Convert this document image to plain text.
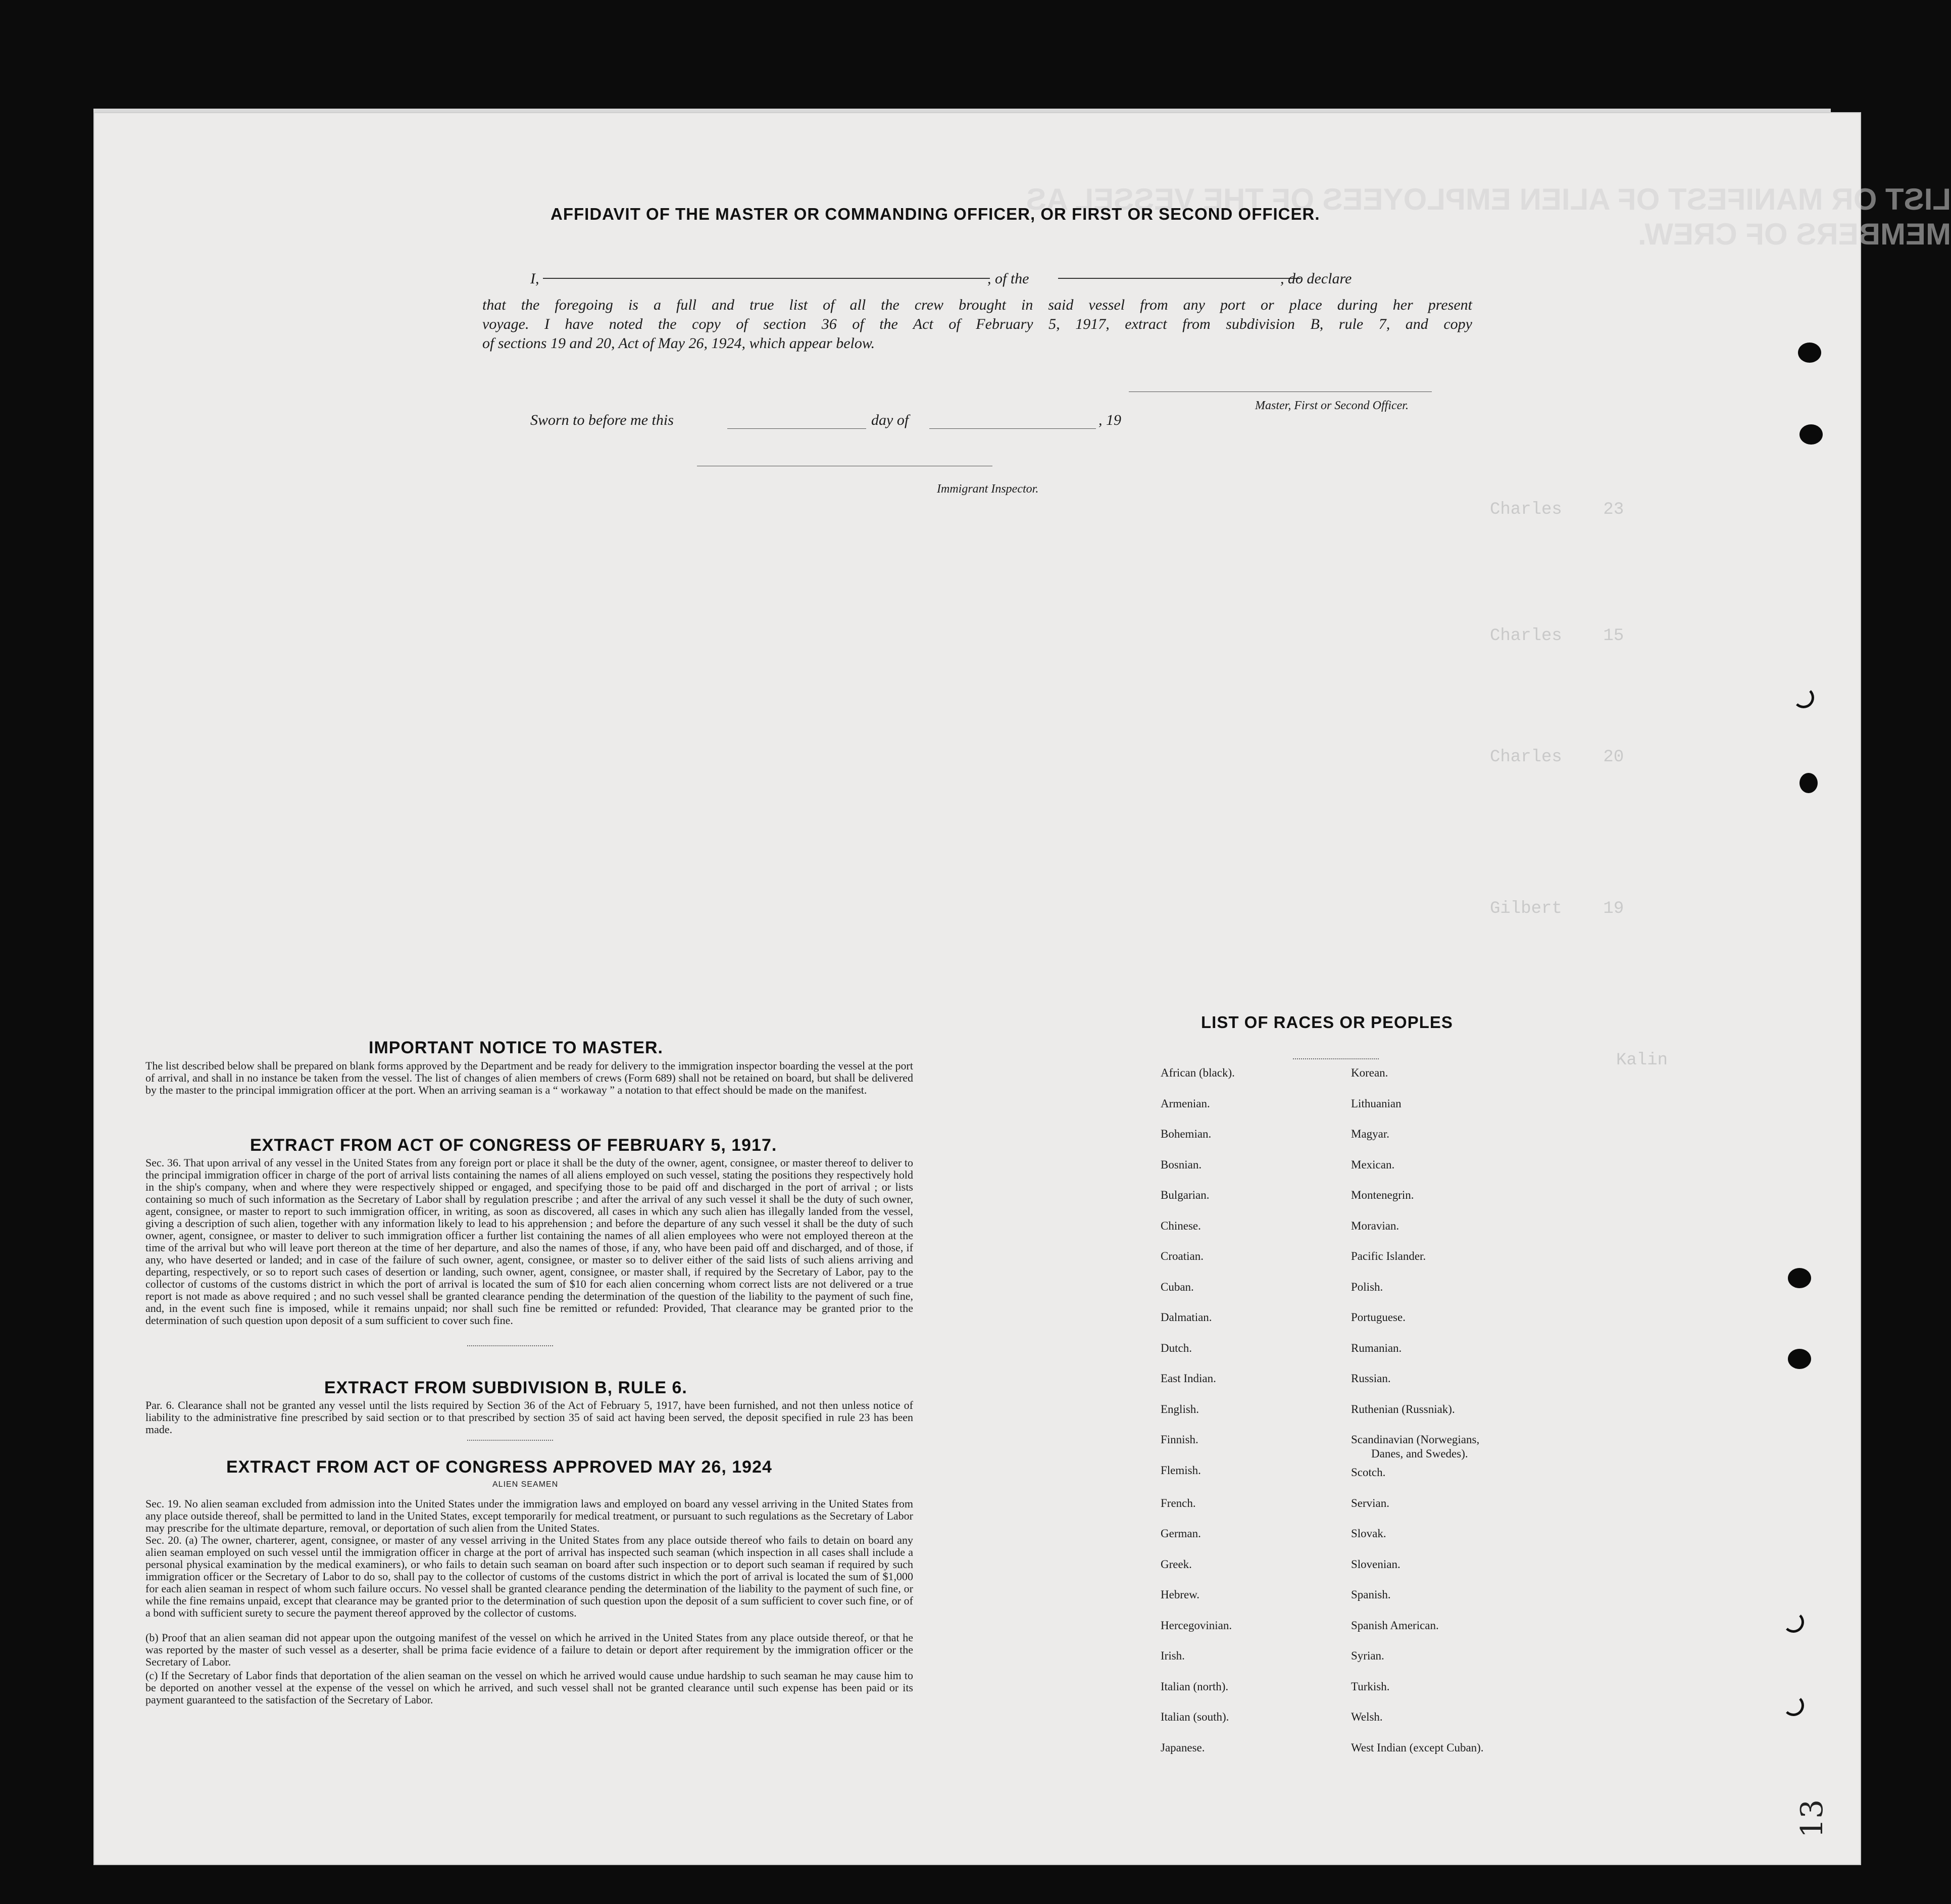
LIST OR MANIFEST OF ALIEN EMPLOYEES OF THE VESSEL AS MEMBERS OF CREW.
Charles    23
Charles    15
Charles    20
Gilbert    19
Kalin
AFFIDAVIT OF THE MASTER OR COMMANDING OFFICER, OR FIRST OR SECOND OFFICER.
I,	, of the	, do declare
that the foregoing is a full and true list of all the crew brought in said vessel from any port or place during her present
voyage. I have noted the copy of section 36 of the Act of February 5, 1917, extract from subdivision B, rule 7, and copy
of sections 19 and 20, Act of May 26, 1924, which appear below.
Master, First or Second Officer.
Sworn to before me this	day of	, 19
Immigrant Inspector.
IMPORTANT NOTICE TO MASTER.
The list described below shall be prepared on blank forms approved by the Department and be ready for delivery to the immigration inspector boarding the vessel at the port of arrival, and shall in no instance be taken from the vessel. The list of changes of alien members of crews (Form 689) shall not be retained on board, but shall be delivered by the master to the principal immigration officer at the port. When an arriving seaman is a “ workaway ” a notation to that effect should be made on the manifest.
EXTRACT FROM ACT OF CONGRESS OF FEBRUARY 5, 1917.
Sec. 36. That upon arrival of any vessel in the United States from any foreign port or place it shall be the duty of the owner, agent, consignee, or master thereof to deliver to the principal immigration officer in charge of the port of arrival lists containing the names of all aliens employed on such vessel, stating the positions they respectively hold in the ship's company, when and where they were respectively shipped or engaged, and specifying those to be paid off and discharged in the port of arrival ; or lists containing so much of such information as the Secretary of Labor shall by regulation prescribe ; and after the arrival of any such vessel it shall be the duty of such owner, agent, consignee, or master to report to such immigration officer, in writing, as soon as discovered, all cases in which any such alien has illegally landed from the vessel, giving a description of such alien, together with any information likely to lead to his apprehension ; and before the departure of any such vessel it shall be the duty of such owner, agent, consignee, or master to deliver to such immigration officer a further list containing the names of all alien employees who were not employed thereon at the time of the arrival but who will leave port thereon at the time of her departure, and also the names of those, if any, who have been paid off and discharged, and of those, if any, who have deserted or landed; and in case of the failure of such owner, agent, consignee, or master so to deliver either of the said lists of such aliens arriving and departing, respectively, or so to report such cases of desertion or landing, such owner, agent, consignee, or master shall, if required by the Secretary of Labor, pay to the collector of customs of the customs district in which the port of arrival is located the sum of $10 for each alien concerning whom correct lists are not delivered or a true report is not made as above required ; and no such vessel shall be granted clearance pending the determination of the question of the liability to the payment of such fine, and, in the event such fine is imposed, while it remains unpaid; nor shall such fine be remitted or refunded: Provided, That clearance may be granted prior to the determination of such question upon deposit of a sum sufficient to cover such fine.
EXTRACT FROM SUBDIVISION B, RULE 6.
Par. 6. Clearance shall not be granted any vessel until the lists required by Section 36 of the Act of February 5, 1917, have been furnished, and not then unless notice of liability to the administrative fine prescribed by said section or to that prescribed by section 35 of said act having been served, the deposit specified in rule 23 has been made.
EXTRACT FROM ACT OF CONGRESS APPROVED MAY 26, 1924
ALIEN SEAMEN
Sec. 19. No alien seaman excluded from admission into the United States under the immigration laws and employed on board any vessel arriving in the United States from any place outside thereof, shall be permitted to land in the United States, except temporarily for medical treatment, or pursuant to such regulations as the Secretary of Labor may prescribe for the ultimate departure, removal, or deportation of such alien from the United States.
Sec. 20. (a) The owner, charterer, agent, consignee, or master of any vessel arriving in the United States from any place outside thereof who fails to detain on board any alien seaman employed on such vessel until the immigration officer in charge at the port of arrival has inspected such seaman (which inspection in all cases shall include a personal physical examination by the medical examiners), or who fails to detain such seaman on board after such inspection or to deport such seaman if required by such immigration officer or the Secretary of Labor to do so, shall pay to the collector of customs of the customs district in which the port of arrival is located the sum of $1,000 for each alien seaman in respect of whom such failure occurs. No vessel shall be granted clearance pending the determination of the liability to the payment of such fine, or while the fine remains unpaid, except that clearance may be granted prior to the determination of such question upon the deposit of a sum sufficient to cover such fine, or of a bond with sufficient surety to secure the payment thereof approved by the collector of customs.
(b) Proof that an alien seaman did not appear upon the outgoing manifest of the vessel on which he arrived in the United States from any place outside thereof, or that he was reported by the master of such vessel as a deserter, shall be prima facie evidence of a failure to detain or deport after requirement by the immigration officer or the Secretary of Labor.
(c) If the Secretary of Labor finds that deportation of the alien seaman on the vessel on which he arrived would cause undue hardship to such seaman he may cause him to be deported on another vessel at the expense of the vessel on which he arrived, and such vessel shall not be granted clearance until such expense has been paid or its payment guaranteed to the satisfaction of the Secretary of Labor.
LIST OF RACES OR PEOPLES
African (black).
Armenian.
Bohemian.
Bosnian.
Bulgarian.
Chinese.
Croatian.
Cuban.
Dalmatian.
Dutch.
East Indian.
English.
Finnish.
Flemish.
French.
German.
Greek.
Hebrew.
Hercegovinian.
Irish.
Italian (north).
Italian (south).
Japanese.
Korean.
Lithuanian
Magyar.
Mexican.
Montenegrin.
Moravian.
Pacific Islander.
Polish.
Portuguese.
Rumanian.
Russian.
Ruthenian (Russniak).
Scandinavian (Norwegians,
Danes, and Swedes).
Scotch.
Servian.
Slovak.
Slovenian.
Spanish.
Spanish American.
Syrian.
Turkish.
Welsh.
West Indian (except Cuban).
13
